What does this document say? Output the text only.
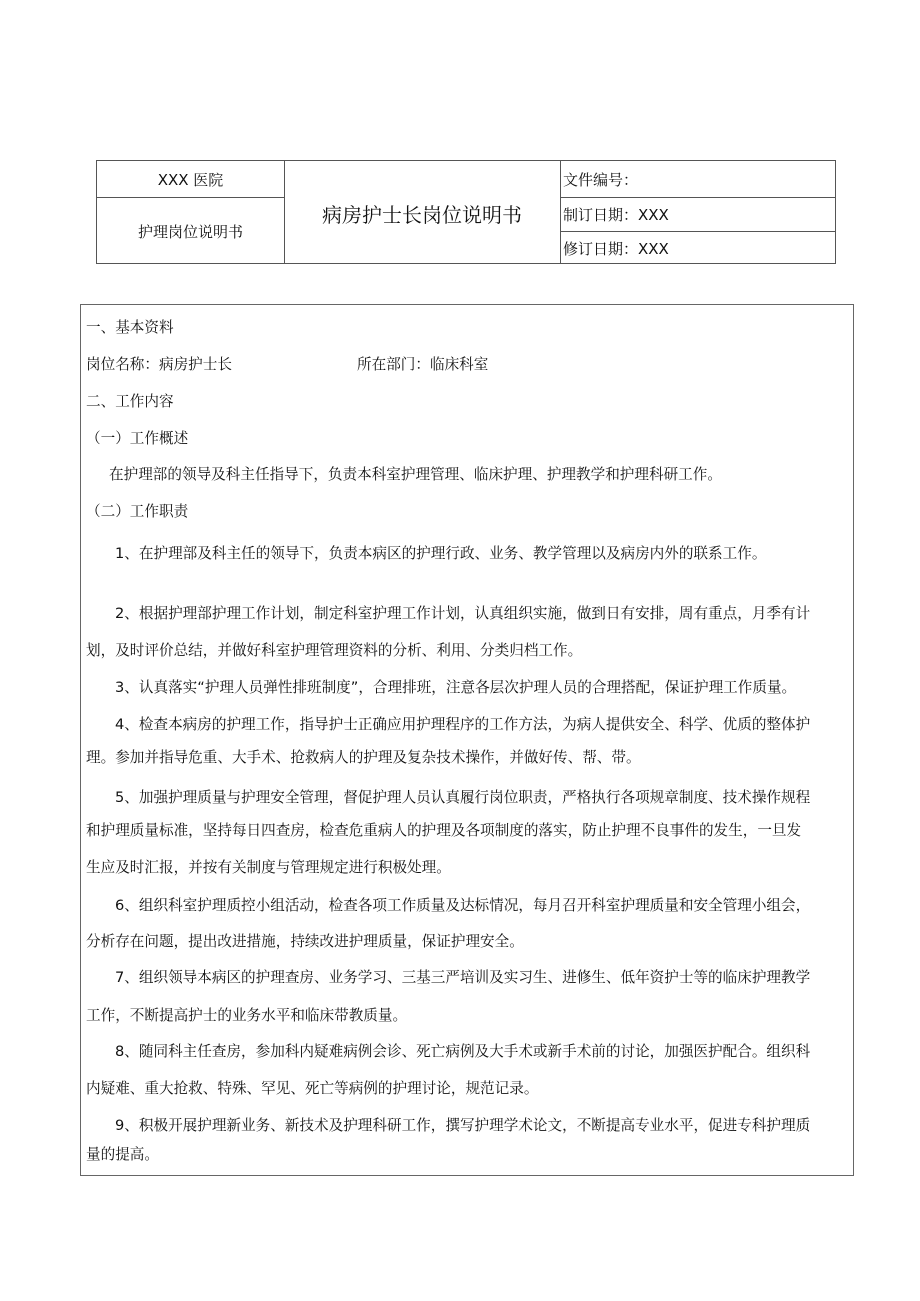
XXX 医院
护理岗位说明书
病房护士长岗位说明书
文件编号：
制订日期：XXX
修订日期：XXX
一、基本资料
岗位名称：病房护士长	所在部门：临床科室
二、工作内容
（一）工作概述
在护理部的领导及科主任指导下，负责本科室护理管理、临床护理、护理教学和护理科研工作。
（二）工作职责
1、在护理部及科主任的领导下，负责本病区的护理行政、业务、教学管理以及病房内外的联系工作。
2、根据护理部护理工作计划，制定科室护理工作计划，认真组织实施，做到日有安排，周有重点，月季有计
划，及时评价总结，并做好科室护理管理资料的分析、利用、分类归档工作。
3、认真落实“护理人员弹性排班制度”，合理排班，注意各层次护理人员的合理搭配，保证护理工作质量。
4、检查本病房的护理工作，指导护士正确应用护理程序的工作方法，为病人提供安全、科学、优质的整体护
理。参加并指导危重、大手术、抢救病人的护理及复杂技术操作，并做好传、帮、带。
5、加强护理质量与护理安全管理，督促护理人员认真履行岗位职责，严格执行各项规章制度、技术操作规程
和护理质量标准，坚持每日四查房，检查危重病人的护理及各项制度的落实，防止护理不良事件的发生，一旦发
生应及时汇报，并按有关制度与管理规定进行积极处理。
6、组织科室护理质控小组活动，检查各项工作质量及达标情况，每月召开科室护理质量和安全管理小组会，
分析存在问题，提出改进措施，持续改进护理质量，保证护理安全。
7、组织领导本病区的护理查房、业务学习、三基三严培训及实习生、进修生、低年资护士等的临床护理教学
工作，不断提高护士的业务水平和临床带教质量。
8、随同科主任查房，参加科内疑难病例会诊、死亡病例及大手术或新手术前的讨论，加强医护配合。组织科
内疑难、重大抢救、特殊、罕见、死亡等病例的护理讨论，规范记录。
9、积极开展护理新业务、新技术及护理科研工作，撰写护理学术论文，不断提高专业水平，促进专科护理质
量的提高。
